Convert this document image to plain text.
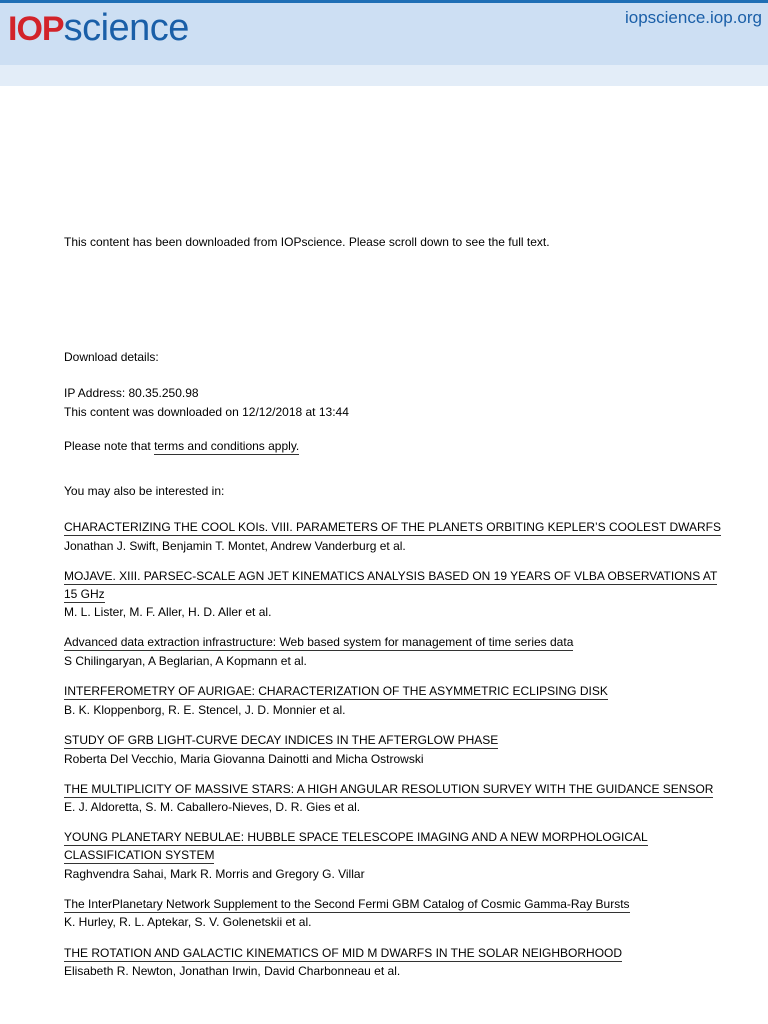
IOPscience	iopscience.iop.org
This content has been downloaded from IOPscience. Please scroll down to see the full text.
Download details:
IP Address: 80.35.250.98
This content was downloaded on 12/12/2018 at 13:44
Please note that terms and conditions apply.
You may also be interested in:
CHARACTERIZING THE COOL KOIs. VIII. PARAMETERS OF THE PLANETS ORBITING KEPLER’S COOLEST DWARFS
Jonathan J. Swift, Benjamin T. Montet, Andrew Vanderburg et al.
MOJAVE. XIII. PARSEC-SCALE AGN JET KINEMATICS ANALYSIS BASED ON 19 YEARS OF VLBA OBSERVATIONS AT 15 GHz
M. L. Lister, M. F. Aller, H. D. Aller et al.
Advanced data extraction infrastructure: Web based system for management of time series data
S Chilingaryan, A Beglarian, A Kopmann et al.
INTERFEROMETRY OF AURIGAE: CHARACTERIZATION OF THE ASYMMETRIC ECLIPSING DISK
B. K. Kloppenborg, R. E. Stencel, J. D. Monnier et al.
STUDY OF GRB LIGHT-CURVE DECAY INDICES IN THE AFTERGLOW PHASE
Roberta Del Vecchio, Maria Giovanna Dainotti and Micha Ostrowski
THE MULTIPLICITY OF MASSIVE STARS: A HIGH ANGULAR RESOLUTION SURVEY WITH THE GUIDANCE SENSOR
E. J. Aldoretta, S. M. Caballero-Nieves, D. R. Gies et al.
YOUNG PLANETARY NEBULAE: HUBBLE SPACE TELESCOPE IMAGING AND A NEW MORPHOLOGICAL CLASSIFICATION SYSTEM
Raghvendra Sahai, Mark R. Morris and Gregory G. Villar
The InterPlanetary Network Supplement to the Second Fermi GBM Catalog of Cosmic Gamma-Ray Bursts
K. Hurley, R. L. Aptekar, S. V. Golenetskii et al.
THE ROTATION AND GALACTIC KINEMATICS OF MID M DWARFS IN THE SOLAR NEIGHBORHOOD
Elisabeth R. Newton, Jonathan Irwin, David Charbonneau et al.
